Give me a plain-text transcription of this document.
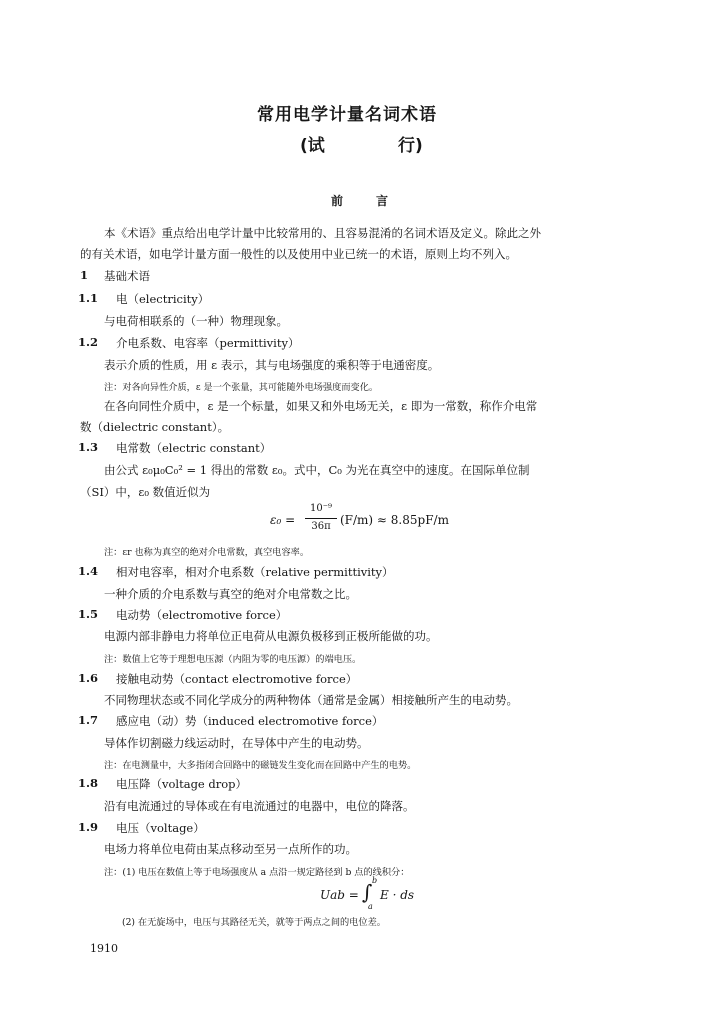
常用电学计量名词术语
(试	行)
前　　言
本《术语》重点给出电学计量中比较常用的、且容易混淆的名词术语及定义。除此之外
的有关术语，如电学计量方面一般性的以及使用中业已统一的术语，原则上均不列入。
1 基础术语
1.1 电（electricity）
与电荷相联系的（一种）物理现象。
1.2 介电系数、电容率（permittivity）
表示介质的性质，用 ε 表示，其与电场强度的乘积等于电通密度。
注：对各向异性介质，ε 是一个张量，其可能随外电场强度而变化。
在各向同性介质中，ε 是一个标量，如果又和外电场无关，ε 即为一常数，称作介电常
数（dielectric constant）。
1.3 电常数（electric constant）
由公式 ε₀μ₀C₀² = 1 得出的常数 ε₀。式中，C₀ 为光在真空中的速度。在国际单位制
（SI）中，ε₀ 数值近似为
ε₀ =
10⁻⁹
36π (F/m) ≈ 8.85pF/m
注：εr 也称为真空的绝对介电常数，真空电容率。
1.4 相对电容率，相对介电系数（relative permittivity）
一种介质的介电系数与真空的绝对介电常数之比。
1.5 电动势（electromotive force）
电源内部非静电力将单位正电荷从电源负极移到正极所能做的功。
注：数值上它等于理想电压源（内阻为零的电压源）的端电压。
1.6 接触电动势（contact electromotive force）
不同物理状态或不同化学成分的两种物体（通常是金属）相接触所产生的电动势。
1.7 感应电（动）势（induced electromotive force）
导体作切割磁力线运动时，在导体中产生的电动势。
注：在电测量中，大多指闭合回路中的磁链发生变化而在回路中产生的电势。
1.8 电压降（voltage drop）
沿有电流通过的导体或在有电流通过的电器中，电位的降落。
1.9 电压（voltage）
电场力将单位电荷由某点移动至另一点所作的功。
注：(1) 电压在数值上等于电场强度从 a 点沿一规定路径到 b 点的线积分：
Uab = ∫ b
a
E · ds
(2) 在无旋场中，电压与其路径无关，就等于两点之间的电位差。
1910
